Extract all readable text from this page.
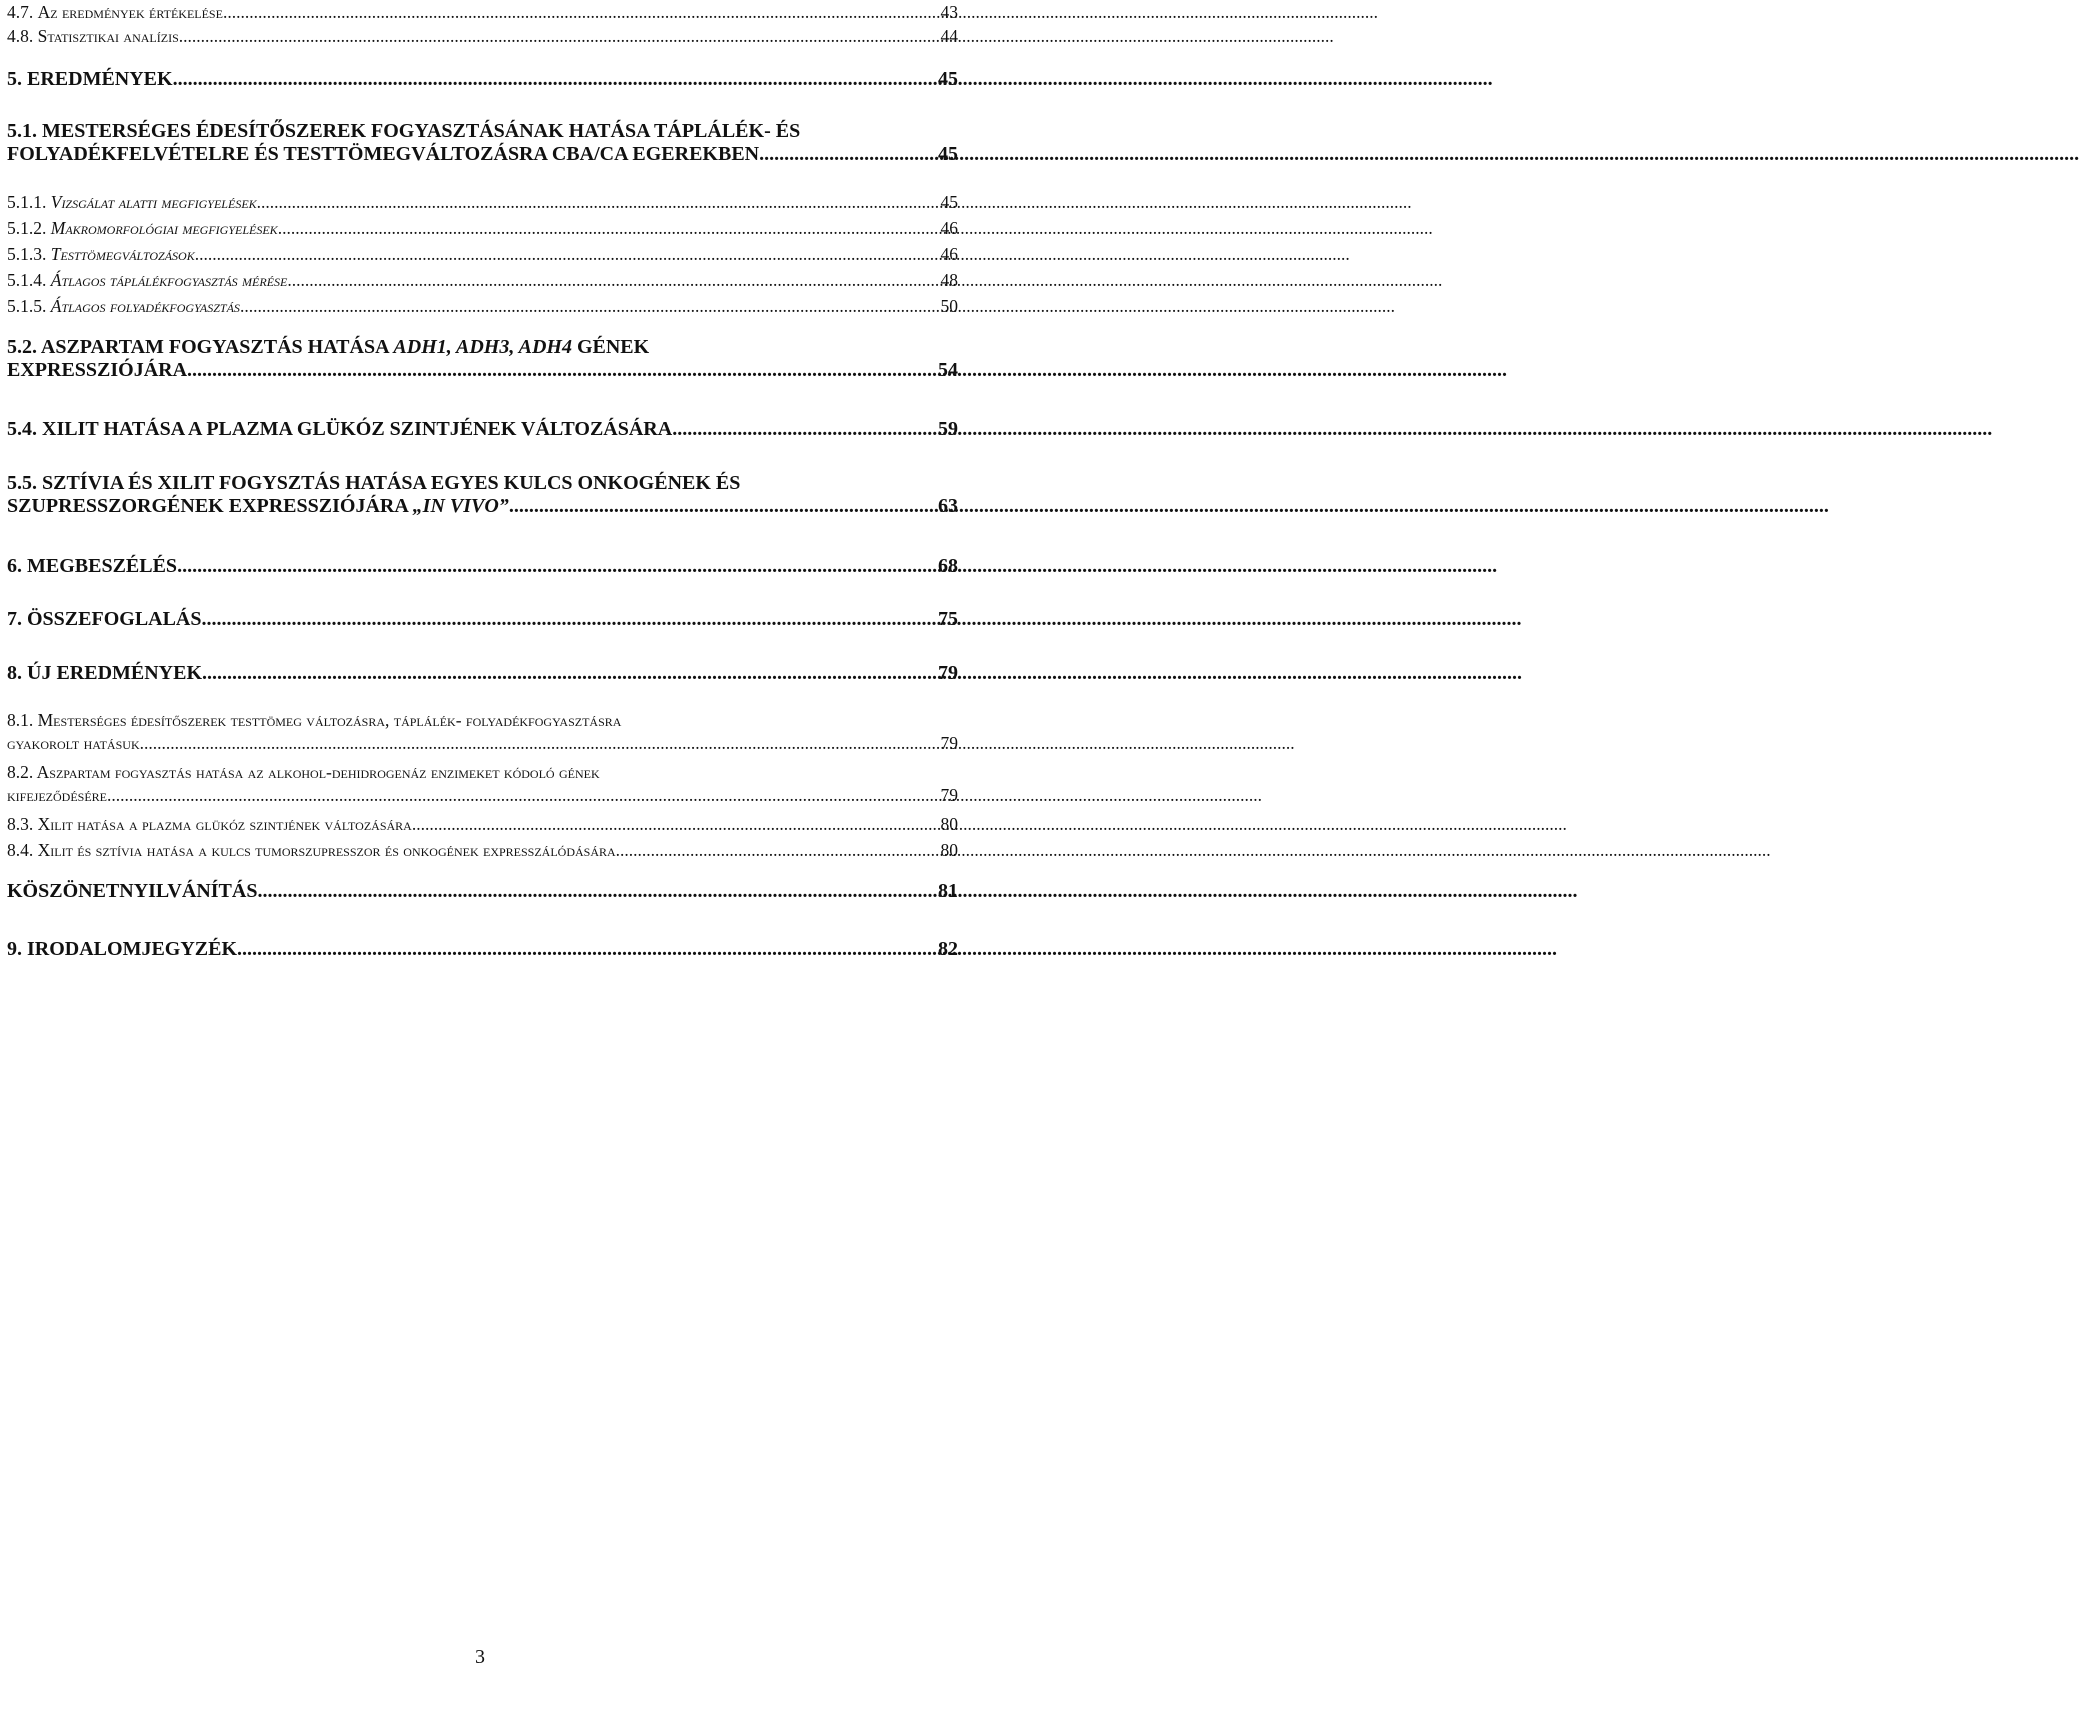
4.7. Az eredmények értékelése .....	43
4.8. Statisztikai analízis .....	44
5. EREDMÉNYEK .....	45
5.1. MESTERSÉGES ÉDESÍTŐSZEREK FOGYASZTÁSÁNAK HATÁSA TÁPLÁLÉK- ÉS
FOLYADÉKFELVÉTELRE ÉS TESTTÖMEGVÁLTOZÁSRA CBA/CA EGEREKBEN .....	45
5.1.1. Vizsgálat alatti megfigyelések .....	45
5.1.2. Makromorfológiai megfigyelések .....	46
5.1.3. Testtömegváltozások .....	46
5.1.4. Átlagos táplálékfogyasztás mérése .....	48
5.1.5. Átlagos folyadékfogyasztás .....	50
5.2. ASZPARTAM FOGYASZTÁS HATÁSA ADH1, ADH3, ADH4 GÉNEK
EXPRESSZIÓJÁRA .....	54
5.4. XILIT HATÁSA A PLAZMA GLÜKÓZ SZINTJÉNEK VÁLTOZÁSÁRA .....	59
5.5. SZTÍVIA ÉS XILIT FOGYSZTÁS HATÁSA EGYES KULCS ONKOGÉNEK ÉS
SZUPRESSZORGÉNEK EXPRESSZIÓJÁRA „IN VIVO” .....	63
6. MEGBESZÉLÉS .....	68
7. ÖSSZEFOGLALÁS .....	75
8. ÚJ EREDMÉNYEK .....	79
8.1. Mesterséges édesítőszerek testtömeg változásra, táplálék- folyadékfogyasztásra
gyakorolt hatásuk .....	79
8.2. Aszpartam fogyasztás hatása az alkohol-dehidrogenáz enzimeket kódoló gének
kifejeződésére .....	79
8.3. Xilit hatása a plazma glükóz szintjének változására .....	80
8.4. Xilit és sztívia hatása a kulcs tumorszupresszor és onkogének expresszálódására .....	80
KÖSZÖNETNYILVÁNÍTÁS .....	81
9. IRODALOMJEGYZÉK .....	82
3
